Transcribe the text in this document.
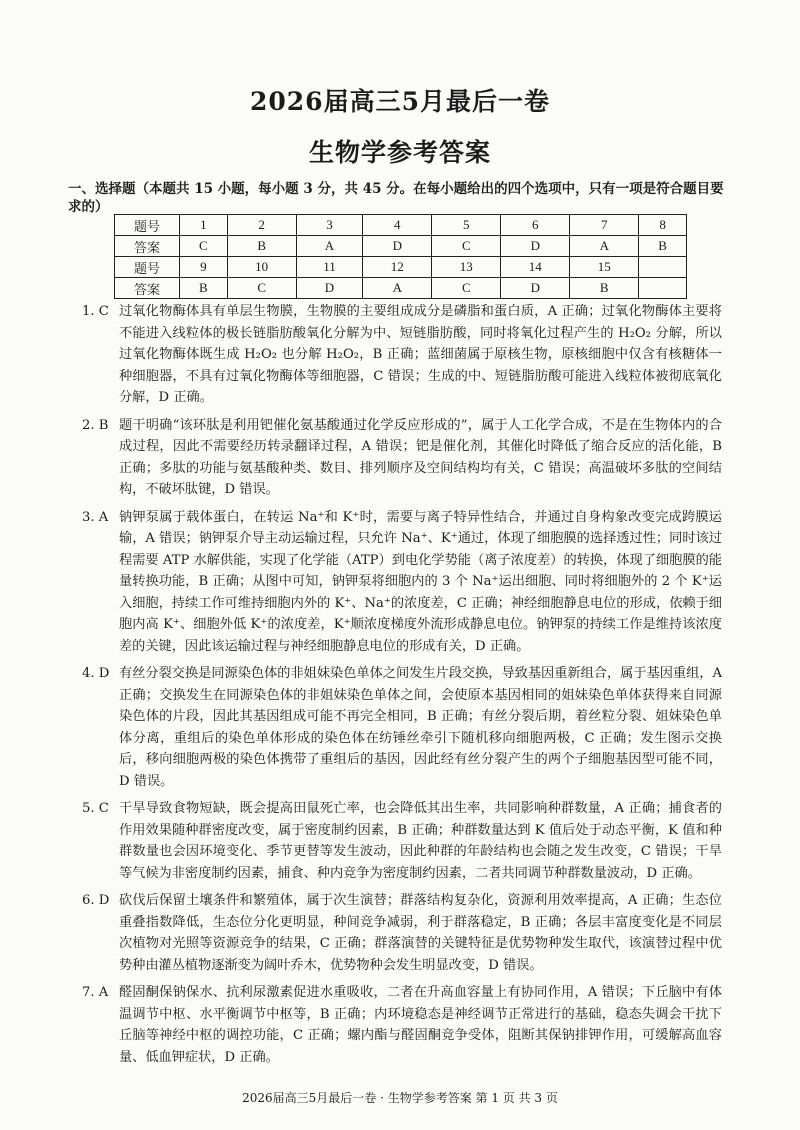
2026届高三5月最后一卷
生物学参考答案
一、选择题（本题共 15 小题，每小题 3 分，共 45 分。在每小题给出的四个选项中，只有一项是符合题目要求的）
题号	1	2	3	4	5	6	7	8
答案	C	B	A	D	C	D	A	B
题号	9	10	11	12	13	14	15	
答案	B	C	D	A	C	D	B	
1. C 过氧化物酶体具有单层生物膜，生物膜的主要组成成分是磷脂和蛋白质，A 正确；过氧化物酶体主要将不能进入线粒体的极长链脂肪酸氧化分解为中、短链脂肪酸，同时将氧化过程产生的 H₂O₂ 分解，所以过氧化物酶体既生成 H₂O₂ 也分解 H₂O₂，B 正确；蓝细菌属于原核生物，原核细胞中仅含有核糖体一种细胞器，不具有过氧化物酶体等细胞器，C 错误；生成的中、短链脂肪酸可能进入线粒体被彻底氧化分解，D 正确。
2. B 题干明确“该环肽是利用钯催化氨基酸通过化学反应形成的”，属于人工化学合成，不是在生物体内的合成过程，因此不需要经历转录翻译过程，A 错误；钯是催化剂，其催化时降低了缩合反应的活化能，B 正确；多肽的功能与氨基酸种类、数目、排列顺序及空间结构均有关，C 错误；高温破坏多肽的空间结构，不破坏肽键，D 错误。
3. A 钠钾泵属于载体蛋白，在转运 Na⁺和 K⁺时，需要与离子特异性结合，并通过自身构象改变完成跨膜运输，A 错误；钠钾泵介导主动运输过程，只允许 Na⁺、K⁺通过，体现了细胞膜的选择透过性；同时该过程需要 ATP 水解供能，实现了化学能（ATP）到电化学势能（离子浓度差）的转换，体现了细胞膜的能量转换功能，B 正确；从图中可知，钠钾泵将细胞内的 3 个 Na⁺运出细胞、同时将细胞外的 2 个 K⁺运入细胞，持续工作可维持细胞内外的 K⁺、Na⁺的浓度差，C 正确；神经细胞静息电位的形成，依赖于细胞内高 K⁺、细胞外低 K⁺的浓度差，K⁺顺浓度梯度外流形成静息电位。钠钾泵的持续工作是维持该浓度差的关键，因此该运输过程与神经细胞静息电位的形成有关，D 正确。
4. D 有丝分裂交换是同源染色体的非姐妹染色单体之间发生片段交换，导致基因重新组合，属于基因重组，A 正确；交换发生在同源染色体的非姐妹染色单体之间，会使原本基因相同的姐妹染色单体获得来自同源染色体的片段，因此其基因组成可能不再完全相同，B 正确；有丝分裂后期，着丝粒分裂、姐妹染色单体分离，重组后的染色单体形成的染色体在纺锤丝牵引下随机移向细胞两极，C 正确；发生图示交换后，移向细胞两极的染色体携带了重组后的基因，因此经有丝分裂产生的两个子细胞基因型可能不同，D 错误。
5. C 干旱导致食物短缺，既会提高田鼠死亡率，也会降低其出生率，共同影响种群数量，A 正确；捕食者的作用效果随种群密度改变，属于密度制约因素，B 正确；种群数量达到 K 值后处于动态平衡，K 值和种群数量也会因环境变化、季节更替等发生波动，因此种群的年龄结构也会随之发生改变，C 错误；干旱等气候为非密度制约因素，捕食、种内竞争为密度制约因素，二者共同调节种群数量波动，D 正确。
6. D 砍伐后保留土壤条件和繁殖体，属于次生演替；群落结构复杂化，资源利用效率提高，A 正确；生态位重叠指数降低，生态位分化更明显，种间竞争减弱，利于群落稳定，B 正确；各层丰富度变化是不同层次植物对光照等资源竞争的结果，C 正确；群落演替的关键特征是优势物种发生取代，该演替过程中优势种由灌丛植物逐渐变为阔叶乔木，优势物种会发生明显改变，D 错误。
7. A 醛固酮保钠保水、抗利尿激素促进水重吸收，二者在升高血容量上有协同作用，A 错误；下丘脑中有体温调节中枢、水平衡调节中枢等，B 正确；内环境稳态是神经调节正常进行的基础，稳态失调会干扰下丘脑等神经中枢的调控功能，C 正确；螺内酯与醛固酮竞争受体，阻断其保钠排钾作用，可缓解高血容量、低血钾症状，D 正确。
2026届高三5月最后一卷 · 生物学参考答案 第 1 页 共 3 页
